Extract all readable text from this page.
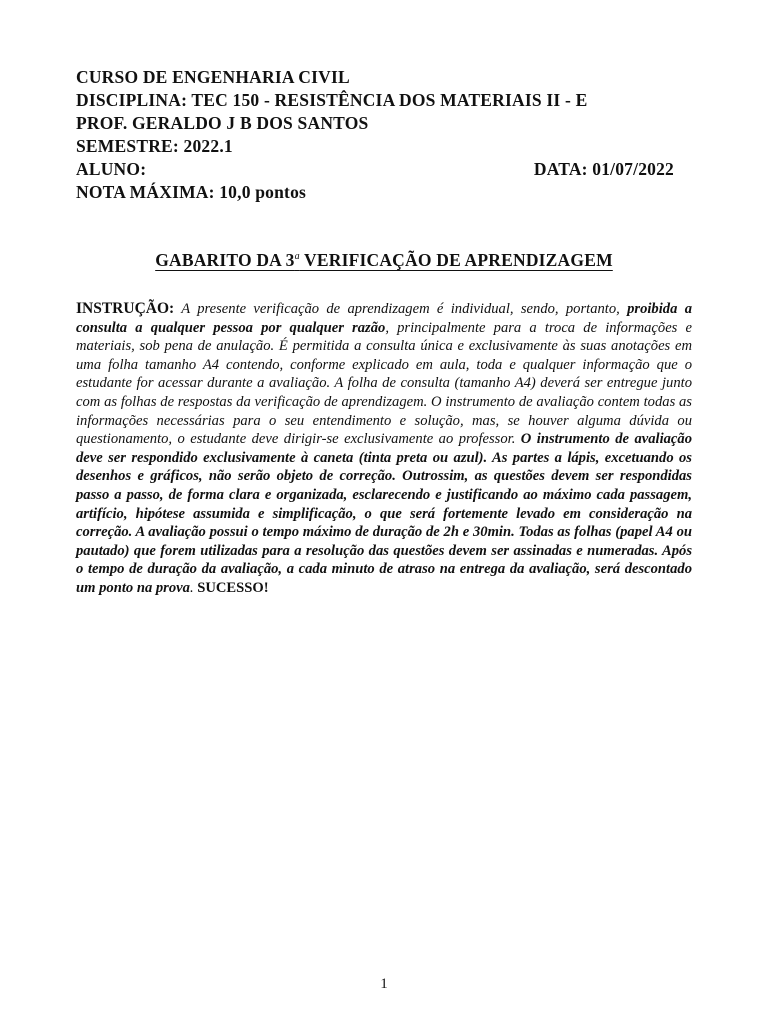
CURSO DE ENGENHARIA CIVIL
DISCIPLINA: TEC 150 - RESISTÊNCIA DOS MATERIAIS II - E
PROF. GERALDO J B DOS SANTOS
SEMESTRE: 2022.1
ALUNO:	DATA: 01/07/2022
NOTA MÁXIMA: 10,0 pontos
GABARITO DA 3$^a$ VERIFICAÇÃO DE APRENDIZAGEM
INSTRUÇÃO: A presente verificação de aprendizagem é individual, sendo, portanto, proibida a consulta a qualquer pessoa por qualquer razão, principalmente para a troca de informações e materiais, sob pena de anulação. É permitida a consulta única e exclusivamente às suas anotações em uma folha tamanho A4 contendo, conforme explicado em aula, toda e qualquer informação que o estudante for acessar durante a avaliação. A folha de consulta (tamanho A4) deverá ser entregue junto com as folhas de respostas da verificação de aprendizagem. O instrumento de avaliação contem todas as informações necessárias para o seu entendimento e solução, mas, se houver alguma dúvida ou questionamento, o estudante deve dirigir-se exclusivamente ao professor. O instrumento de avaliação deve ser respondido exclusivamente à caneta (tinta preta ou azul). As partes a lápis, excetuando os desenhos e gráficos, não serão objeto de correção. Outrossim, as questões devem ser respondidas passo a passo, de forma clara e organizada, esclarecendo e justificando ao máximo cada passagem, artifício, hipótese assumida e simplificação, o que será fortemente levado em consideração na correção. A avaliação possui o tempo máximo de duração de 2h e 30min. Todas as folhas (papel A4 ou pautado) que forem utilizadas para a resolução das questões devem ser assinadas e numeradas. Após o tempo de duração da avaliação, a cada minuto de atraso na entrega da avaliação, será descontado um ponto na prova. SUCESSO!
1
